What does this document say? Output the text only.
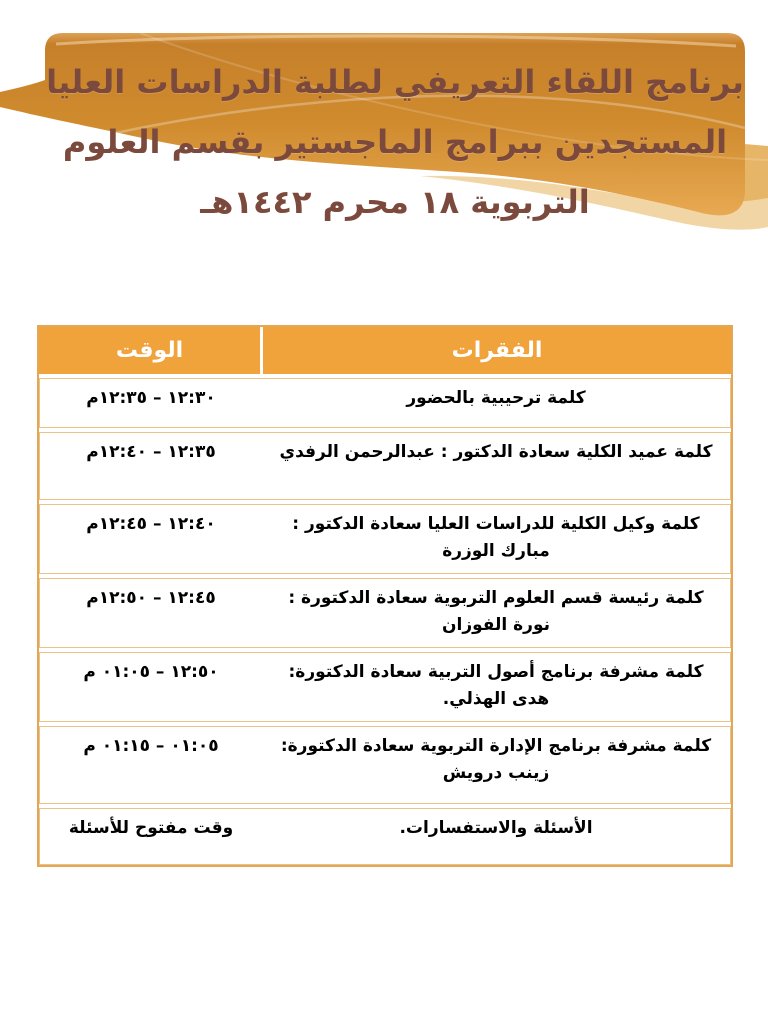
برنامج اللقاء التعريفي لطلبة الدراسات العليا
المستجدين ببرامج الماجستير بقسم العلوم
التربوية ١٨ محرم ١٤٤٢هـ
الفقرات
الوقت
كلمة ترحيبية بالحضور
١٢:٣٠ – ١٢:٣٥م
كلمة عميد الكلية سعادة الدكتور : عبدالرحمن الرفدي
١٢:٣٥ – ١٢:٤٠م
كلمة وكيل الكلية للدراسات العليا سعادة الدكتور : مبارك الوزرة
١٢:٤٠ – ١٢:٤٥م
كلمة رئيسة قسم العلوم التربوية سعادة الدكتورة : نورة الفوزان
١٢:٤٥ – ١٢:٥٠م
كلمة مشرفة برنامج أصول التربية سعادة الدكتورة: هدى الهذلي.
١٢:٥٠ – ٠١:٠٥ م
كلمة مشرفة برنامج الإدارة التربوية سعادة الدكتورة: زينب درويش
٠١:٠٥ – ٠١:١٥ م
الأسئلة والاستفسارات.
وقت مفتوح للأسئلة
